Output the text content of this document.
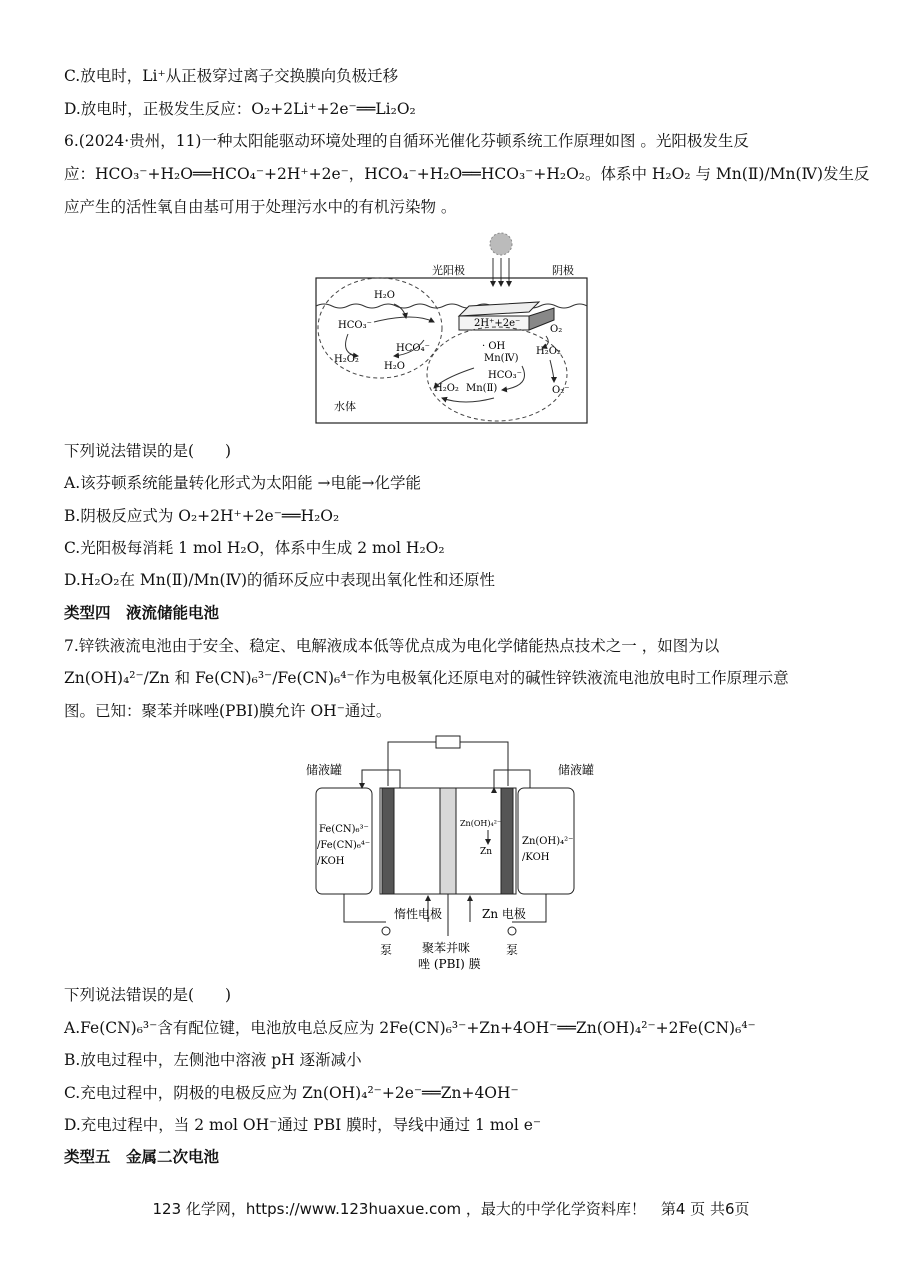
C.放电时，Li⁺从正极穿过离子交换膜向负极迁移
D.放电时，正极发生反应：O₂+2Li⁺+2e⁻══Li₂O₂
6.(2024·贵州，11)一种太阳能驱动环境处理的自循环光催化芬顿系统工作原理如图 。光阳极发生反
应：HCO₃⁻+H₂O══HCO₄⁻+2H⁺+2e⁻，HCO₄⁻+H₂O══HCO₃⁻+H₂O₂。体系中 H₂O₂ 与 Mn(Ⅱ)/Mn(Ⅳ)发生反
应产生的活性氧自由基可用于处理污水中的有机污染物 。
光阳极	阴极
2H⁺+2e⁻
O₂
H₂O
HCO₃⁻
HCO₄⁻
H₂O₂
H₂O
· OH
Mn(Ⅳ)
H₂O₂
HCO₃⁻
H₂O₂ Mn(Ⅱ)	O₂⁻
水体
下列说法错误的是(　　)
A.该芬顿系统能量转化形式为太阳能 →电能→化学能
B.阴极反应式为 O₂+2H⁺+2e⁻══H₂O₂
C.光阳极每消耗 1 mol H₂O，体系中生成 2 mol H₂O₂
D.H₂O₂在 Mn(Ⅱ)/Mn(Ⅳ)的循环反应中表现出氧化性和还原性
类型四　液流储能电池
7.锌铁液流电池由于安全、稳定、电解液成本低等优点成为电化学储能热点技术之一 ，如图为以
Zn(OH)₄²⁻/Zn 和 Fe(CN)₆³⁻/Fe(CN)₆⁴⁻作为电极氧化还原电对的碱性锌铁液流电池放电时工作原理示意
图。已知：聚苯并咪唑(PBI)膜允许 OH⁻通过。
储液罐	储液罐
Fe(CN)₆³⁻
/Fe(CN)₆⁴⁻
/KOH
Zn(OH)₄²⁻
/KOH
Zn(OH)₄²⁻
Zn
惰性电极	Zn 电极
泵	泵
聚苯并咪
唑 (PBI) 膜
下列说法错误的是(　　)
A.Fe(CN)₆³⁻含有配位键，电池放电总反应为 2Fe(CN)₆³⁻+Zn+4OH⁻══Zn(OH)₄²⁻+2Fe(CN)₆⁴⁻
B.放电过程中，左侧池中溶液 pH 逐渐减小
C.充电过程中，阴极的电极反应为 Zn(OH)₄²⁻+2e⁻══Zn+4OH⁻
D.充电过程中，当 2 mol OH⁻通过 PBI 膜时，导线中通过 1 mol e⁻
类型五　金属二次电池
123 化学网，https://www.123huaxue.com ，最大的中学化学资料库！　第4 页 共6页
